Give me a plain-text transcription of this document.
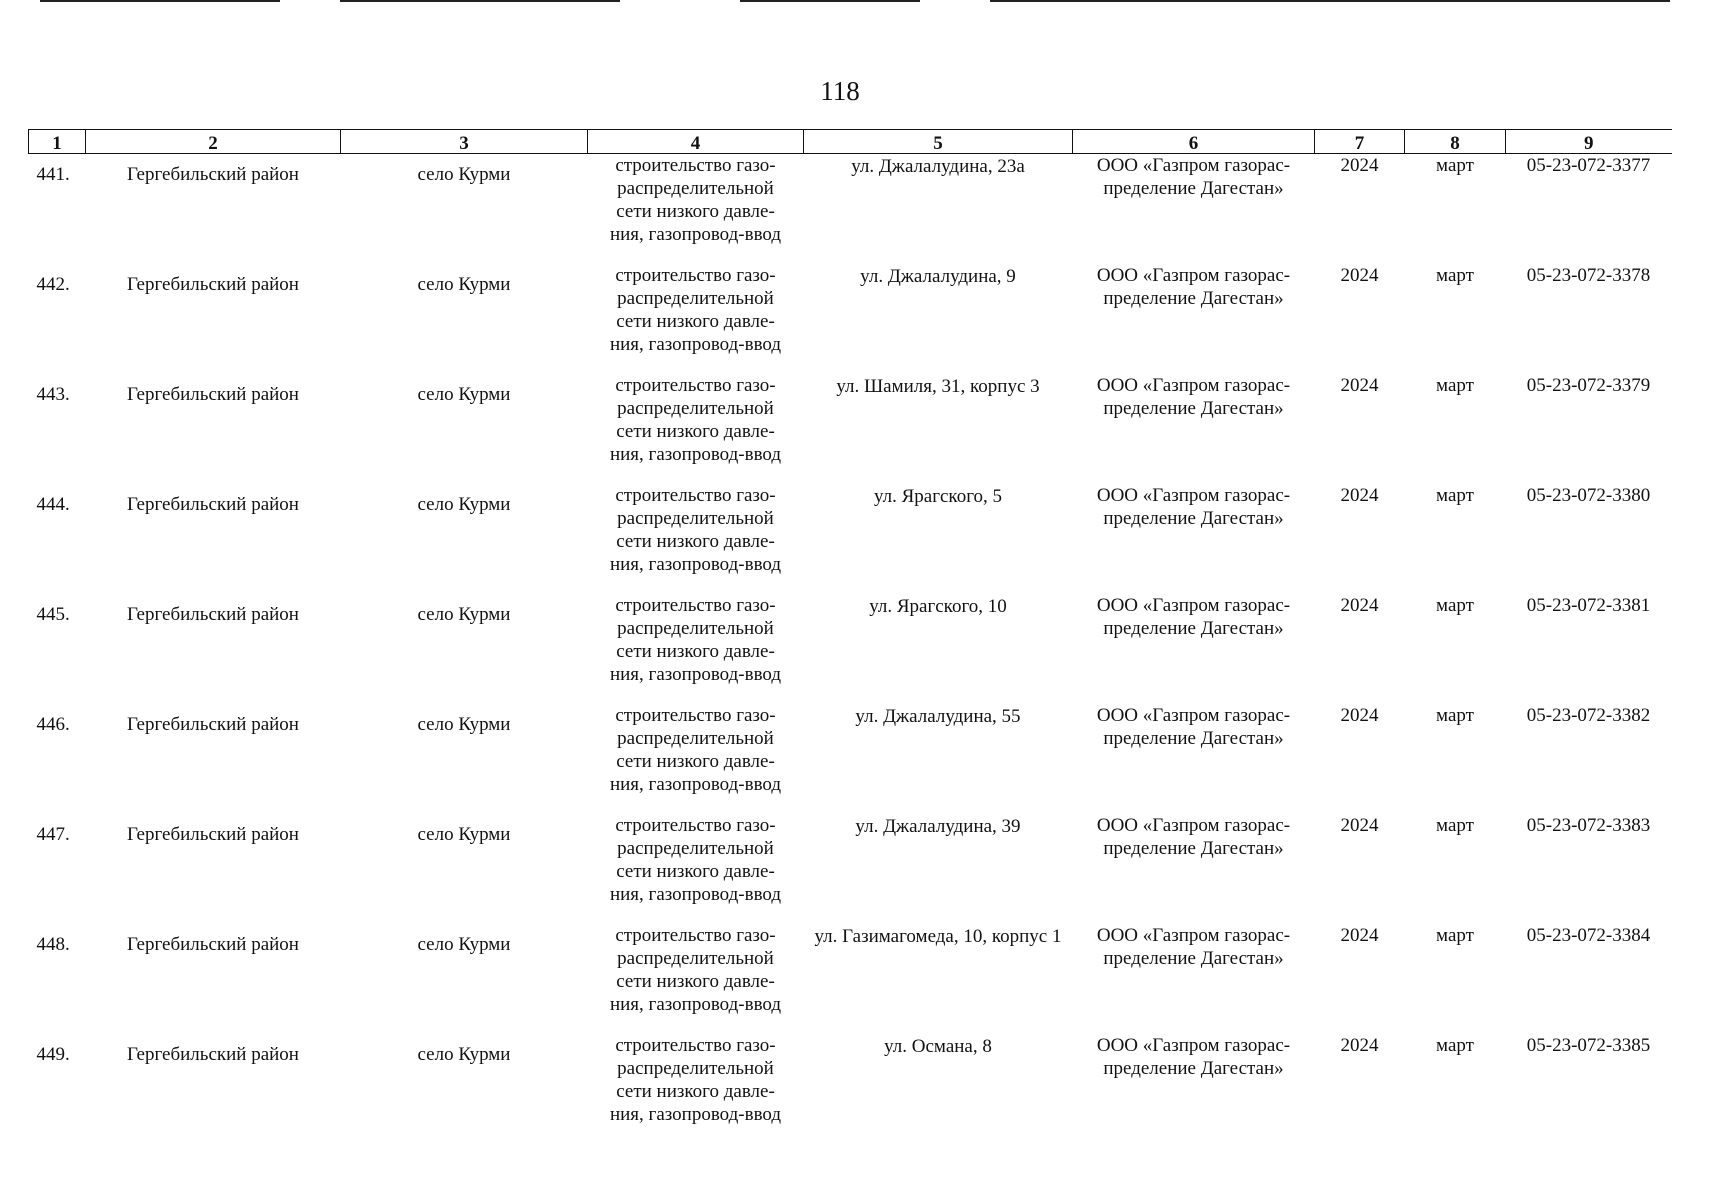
118
1	2	3	4	5	6	7	8	9
441.	Гергебильский район	село Курми	строительство газо-
распределительной
сети низкого давле-
ния, газопровод-ввод	ул. Джалалудина, 23а	ООО «Газпром газорас-
пределение Дагестан»	2024	март	05-23-072-3377
442.	Гергебильский район	село Курми	строительство газо-
распределительной
сети низкого давле-
ния, газопровод-ввод	ул. Джалалудина, 9	ООО «Газпром газорас-
пределение Дагестан»	2024	март	05-23-072-3378
443.	Гергебильский район	село Курми	строительство газо-
распределительной
сети низкого давле-
ния, газопровод-ввод	ул. Шамиля, 31, корпус 3	ООО «Газпром газорас-
пределение Дагестан»	2024	март	05-23-072-3379
444.	Гергебильский район	село Курми	строительство газо-
распределительной
сети низкого давле-
ния, газопровод-ввод	ул. Ярагского, 5	ООО «Газпром газорас-
пределение Дагестан»	2024	март	05-23-072-3380
445.	Гергебильский район	село Курми	строительство газо-
распределительной
сети низкого давле-
ния, газопровод-ввод	ул. Ярагского, 10	ООО «Газпром газорас-
пределение Дагестан»	2024	март	05-23-072-3381
446.	Гергебильский район	село Курми	строительство газо-
распределительной
сети низкого давле-
ния, газопровод-ввод	ул. Джалалудина, 55	ООО «Газпром газорас-
пределение Дагестан»	2024	март	05-23-072-3382
447.	Гергебильский район	село Курми	строительство газо-
распределительной
сети низкого давле-
ния, газопровод-ввод	ул. Джалалудина, 39	ООО «Газпром газорас-
пределение Дагестан»	2024	март	05-23-072-3383
448.	Гергебильский район	село Курми	строительство газо-
распределительной
сети низкого давле-
ния, газопровод-ввод	ул. Газимагомеда, 10, корпус 1	ООО «Газпром газорас-
пределение Дагестан»	2024	март	05-23-072-3384
449.	Гергебильский район	село Курми	строительство газо-
распределительной
сети низкого давле-
ния, газопровод-ввод	ул. Османа, 8	ООО «Газпром газорас-
пределение Дагестан»	2024	март	05-23-072-3385
